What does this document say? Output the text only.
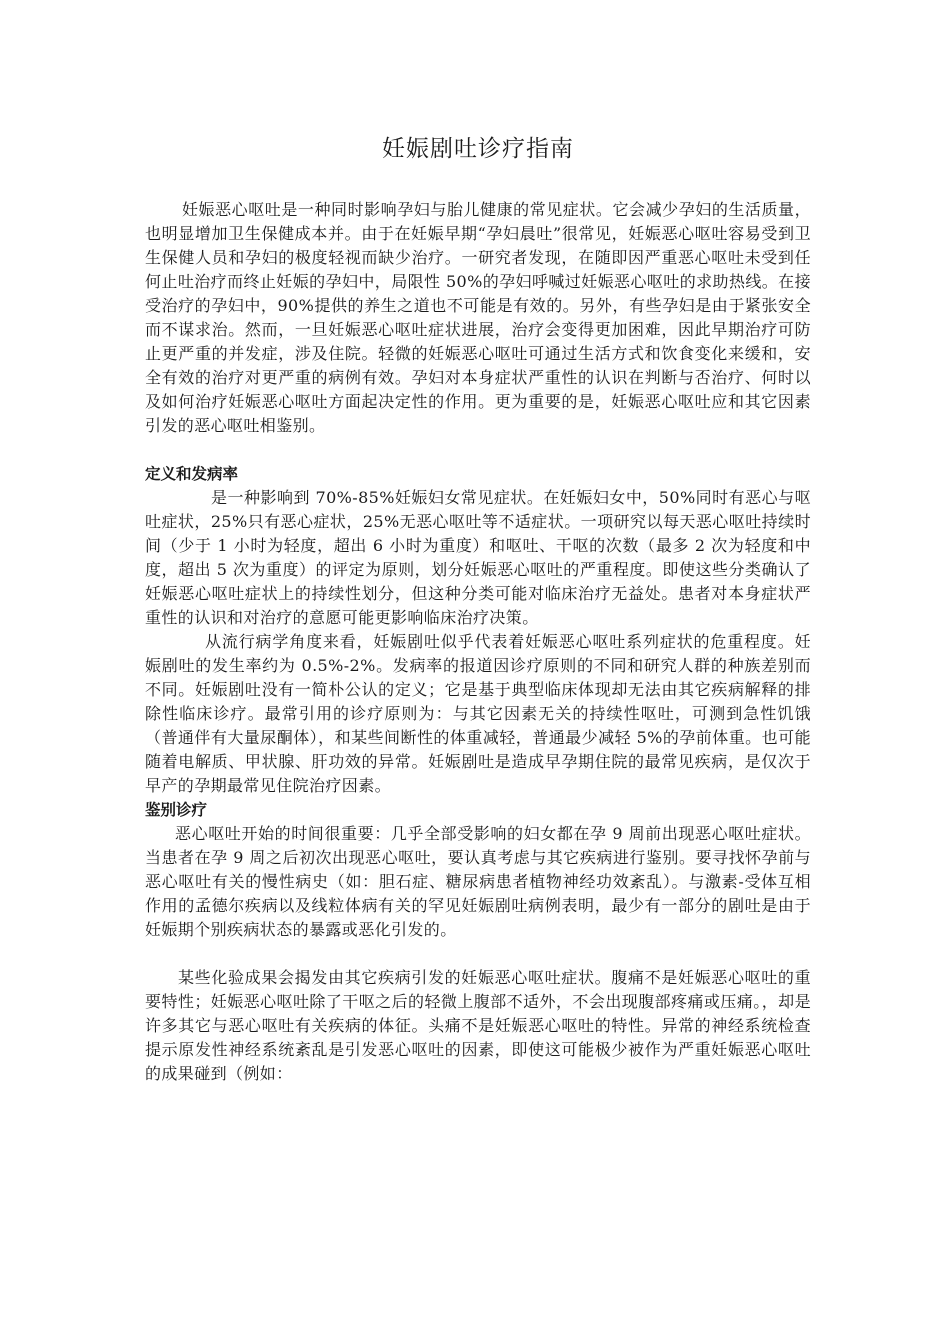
妊娠剧吐诊疗指南

妊娠恶心呕吐是一种同时影响孕妇与胎儿健康的常见症状。它会减少孕妇的生活质量，也明显增加卫生保健成本并。由于在妊娠早期“孕妇晨吐”很常见，妊娠恶心呕吐容易受到卫生保健人员和孕妇的极度轻视而缺少治疗。一研究者发现，在随即因严重恶心呕吐未受到任何止吐治疗而终止妊娠的孕妇中，局限性 50%的孕妇呼喊过妊娠恶心呕吐的求助热线。在接受治疗的孕妇中，90%提供的养生之道也不可能是有效的。另外，有些孕妇是由于紧张安全而不谋求治。然而，一旦妊娠恶心呕吐症状进展，治疗会变得更加困难，因此早期治疗可防止更严重的并发症，涉及住院。轻微的妊娠恶心呕吐可通过生活方式和饮食变化来缓和，安全有效的治疗对更严重的病例有效。孕妇对本身症状严重性的认识在判断与否治疗、何时以及如何治疗妊娠恶心呕吐方面起决定性的作用。更为重要的是，妊娠恶心呕吐应和其它因素引发的恶心呕吐相鉴别。

定义和发病率

是一种影响到 70%-85%妊娠妇女常见症状。在妊娠妇女中，50%同时有恶心与呕吐症状，25%只有恶心症状，25%无恶心呕吐等不适症状。一项研究以每天恶心呕吐持续时间（少于 1 小时为轻度，超出 6 小时为重度）和呕吐、干呕的次数（最多 2 次为轻度和中度，超出 5 次为重度）的评定为原则，划分妊娠恶心呕吐的严重程度。即使这些分类确认了妊娠恶心呕吐症状上的持续性划分，但这种分类可能对临床治疗无益处。患者对本身症状严重性的认识和对治疗的意愿可能更影响临床治疗决策。

从流行病学角度来看，妊娠剧吐似乎代表着妊娠恶心呕吐系列症状的危重程度。妊娠剧吐的发生率约为 0.5%-2%。发病率的报道因诊疗原则的不同和研究人群的种族差别而不同。妊娠剧吐没有一简朴公认的定义；它是基于典型临床体现却无法由其它疾病解释的排除性临床诊疗。最常引用的诊疗原则为：与其它因素无关的持续性呕吐，可测到急性饥饿（普通伴有大量尿酮体），和某些间断性的体重减轻，普通最少减轻 5%的孕前体重。也可能随着电解质、甲状腺、肝功效的异常。妊娠剧吐是造成早孕期住院的最常见疾病，是仅次于早产的孕期最常见住院治疗因素。

鉴别诊疗

恶心呕吐开始的时间很重要：几乎全部受影响的妇女都在孕 9 周前出现恶心呕吐症状。当患者在孕 9 周之后初次出现恶心呕吐，要认真考虑与其它疾病进行鉴别。要寻找怀孕前与恶心呕吐有关的慢性病史（如：胆石症、糖尿病患者植物神经功效紊乱）。与激素-受体互相作用的孟德尔疾病以及线粒体病有关的罕见妊娠剧吐病例表明，最少有一部分的剧吐是由于妊娠期个别疾病状态的暴露或恶化引发的。

某些化验成果会揭发由其它疾病引发的妊娠恶心呕吐症状。腹痛不是妊娠恶心呕吐的重要特性；妊娠恶心呕吐除了干呕之后的轻微上腹部不适外，不会出现腹部疼痛或压痛。，却是许多其它与恶心呕吐有关疾病的体征。头痛不是妊娠恶心呕吐的特性。异常的神经系统检查提示原发性神经系统紊乱是引发恶心呕吐的因素，即使这可能极少被作为严重妊娠恶心呕吐的成果碰到（例如：
